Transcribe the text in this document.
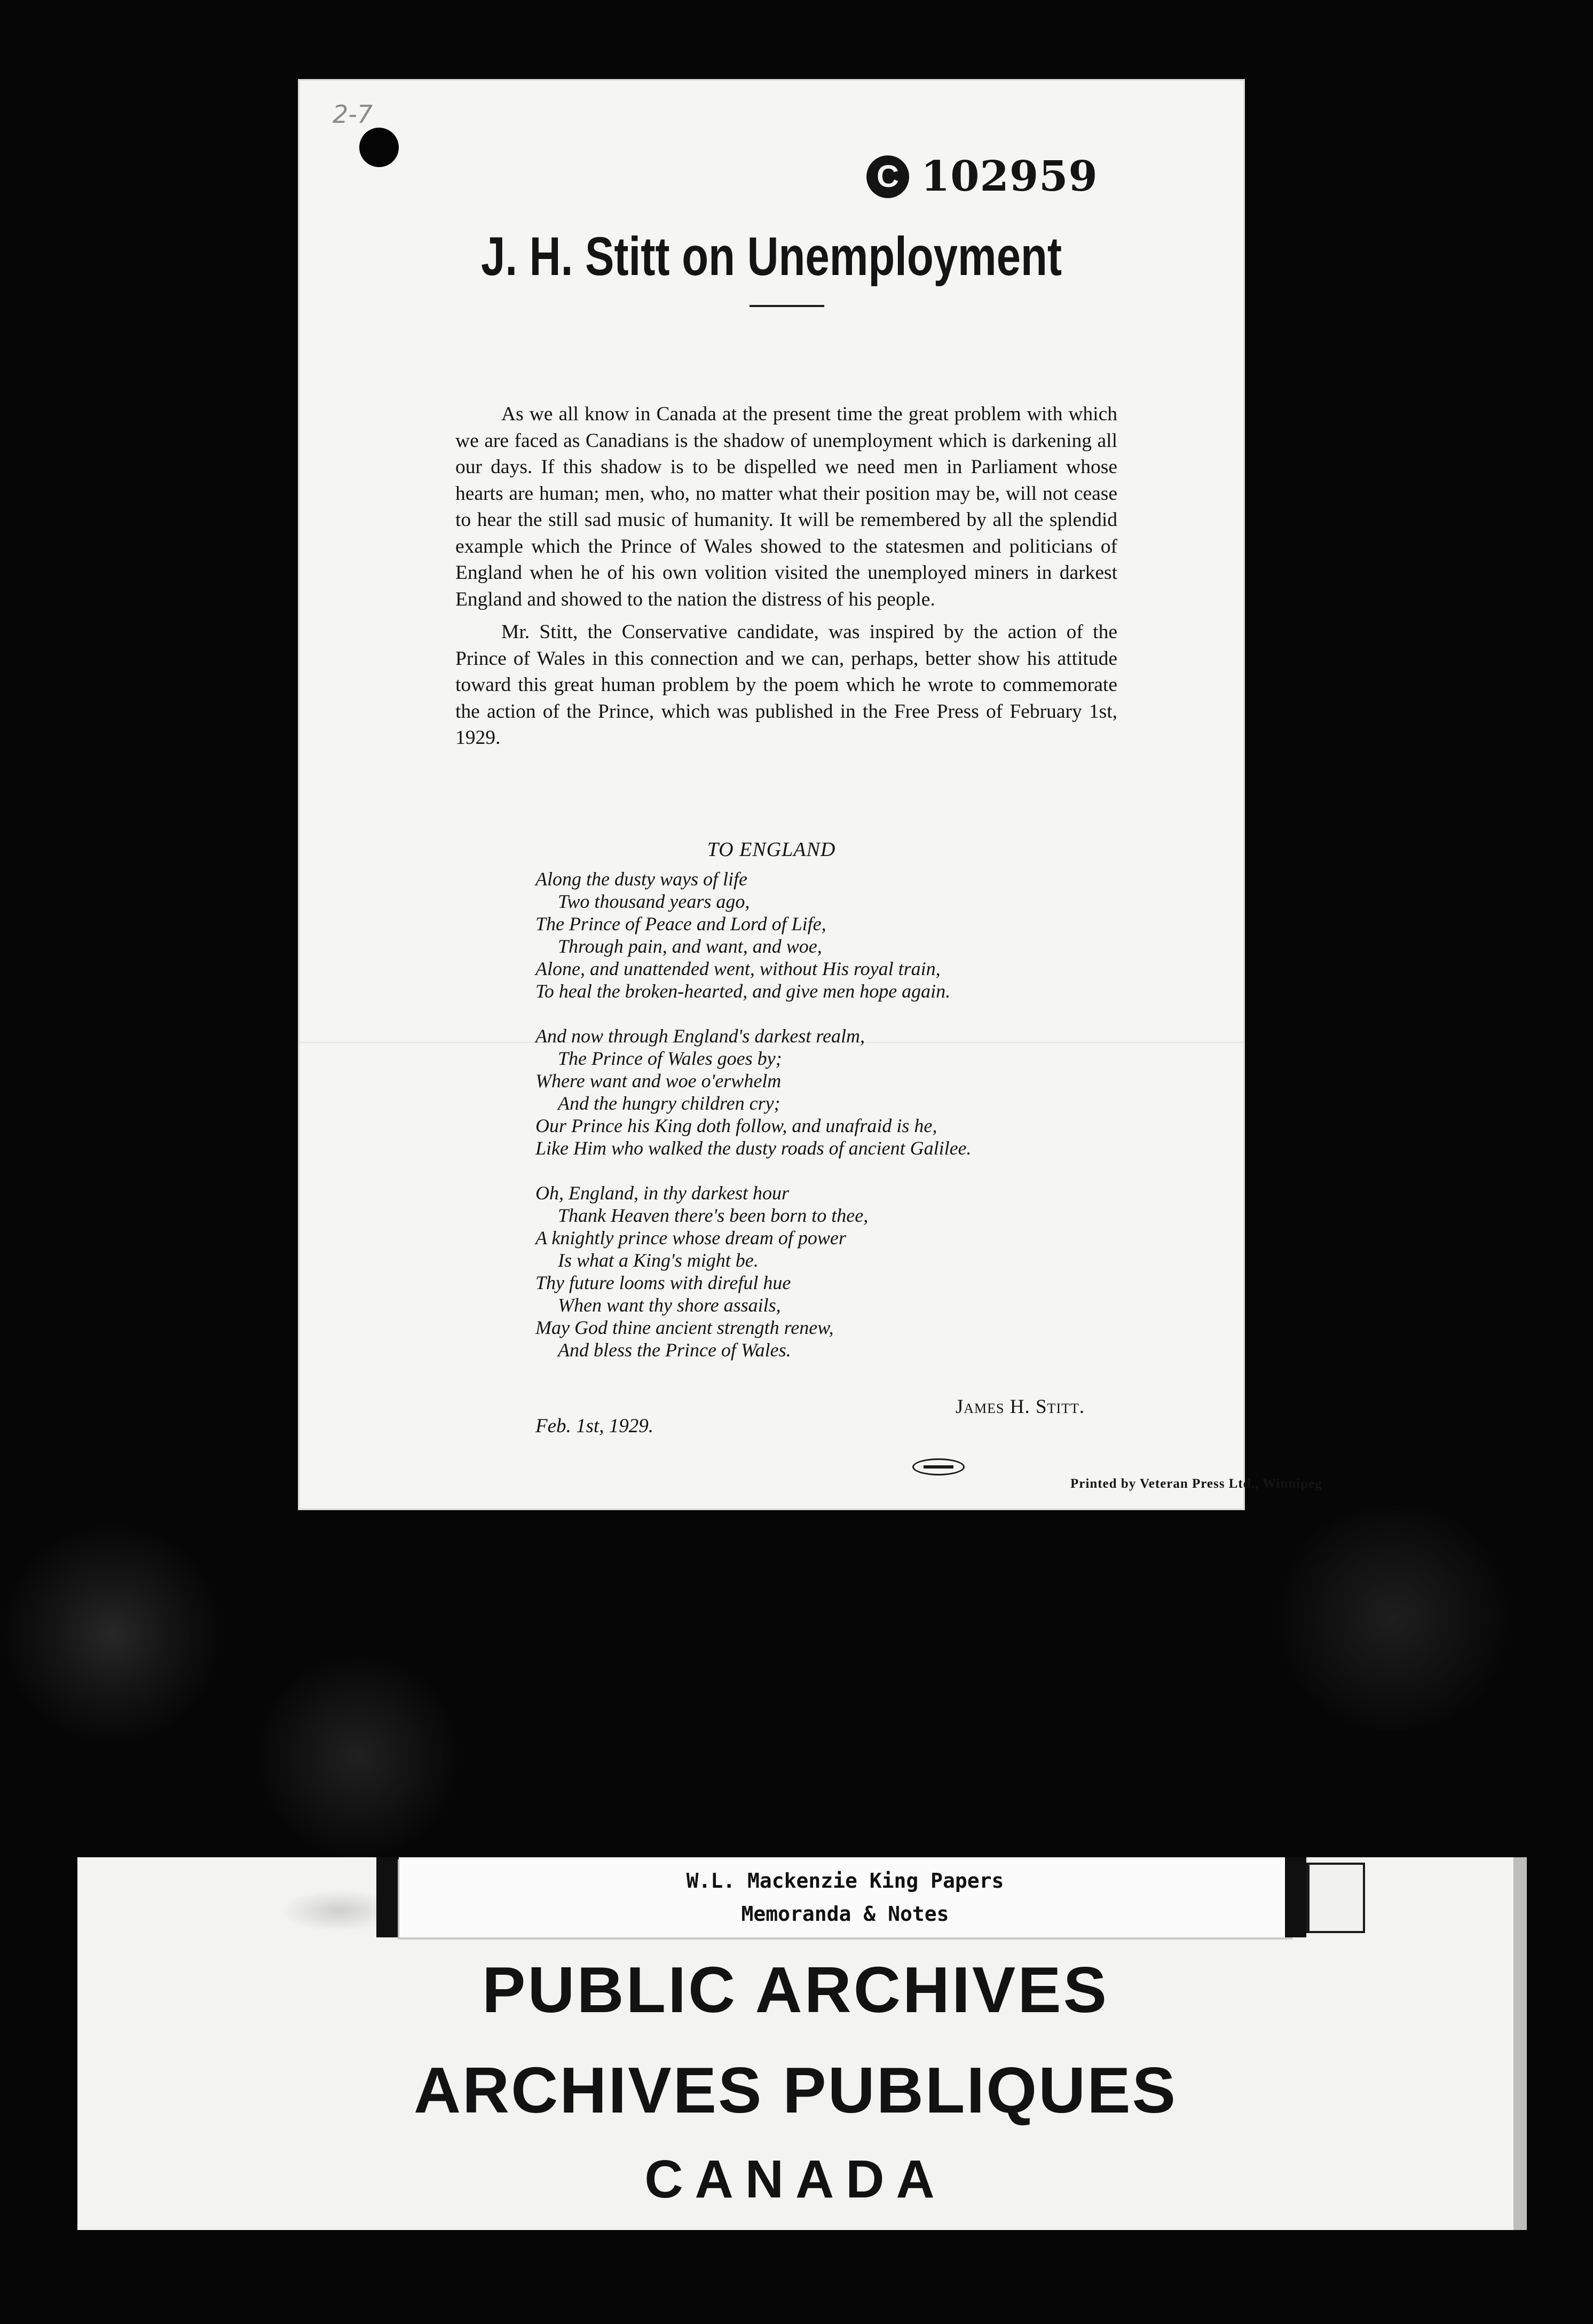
2-7
C 102959
J. H. Stitt on Unemployment

As we all know in Canada at the present time the great problem with which we are faced as Canadians is the shadow of unemployment which is darkening all our days. If this shadow is to be dispelled we need men in Parliament whose hearts are human; men, who, no matter what their position may be, will not cease to hear the still sad music of humanity. It will be remembered by all the splendid example which the Prince of Wales showed to the statesmen and politicians of England when he of his own volition visited the unemployed miners in darkest England and showed to the nation the distress of his people.

Mr. Stitt, the Conservative candidate, was inspired by the action of the Prince of Wales in this connection and we can, perhaps, better show his attitude toward this great human problem by the poem which he wrote to commemorate the action of the Prince, which was published in the Free Press of February 1st, 1929.

TO ENGLAND
Along the dusty ways of life
Two thousand years ago,
The Prince of Peace and Lord of Life,
Through pain, and want, and woe,
Alone, and unattended went, without His royal train,
To heal the broken-hearted, and give men hope again.
And now through England's darkest realm,
The Prince of Wales goes by;
Where want and woe o'erwhelm
And the hungry children cry;
Our Prince his King doth follow, and unafraid is he,
Like Him who walked the dusty roads of ancient Galilee.
Oh, England, in thy darkest hour
Thank Heaven there's been born to thee,
A knightly prince whose dream of power
Is what a King's might be.
Thy future looms with direful hue
When want thy shore assails,
May God thine ancient strength renew,
And bless the Prince of Wales.
James H. Stitt.
Feb. 1st, 1929.
Printed by Veteran Press Ltd., Winnipeg
W.L. Mackenzie King Papers
Memoranda & Notes
PUBLIC ARCHIVES
ARCHIVES PUBLIQUES
CANADA
